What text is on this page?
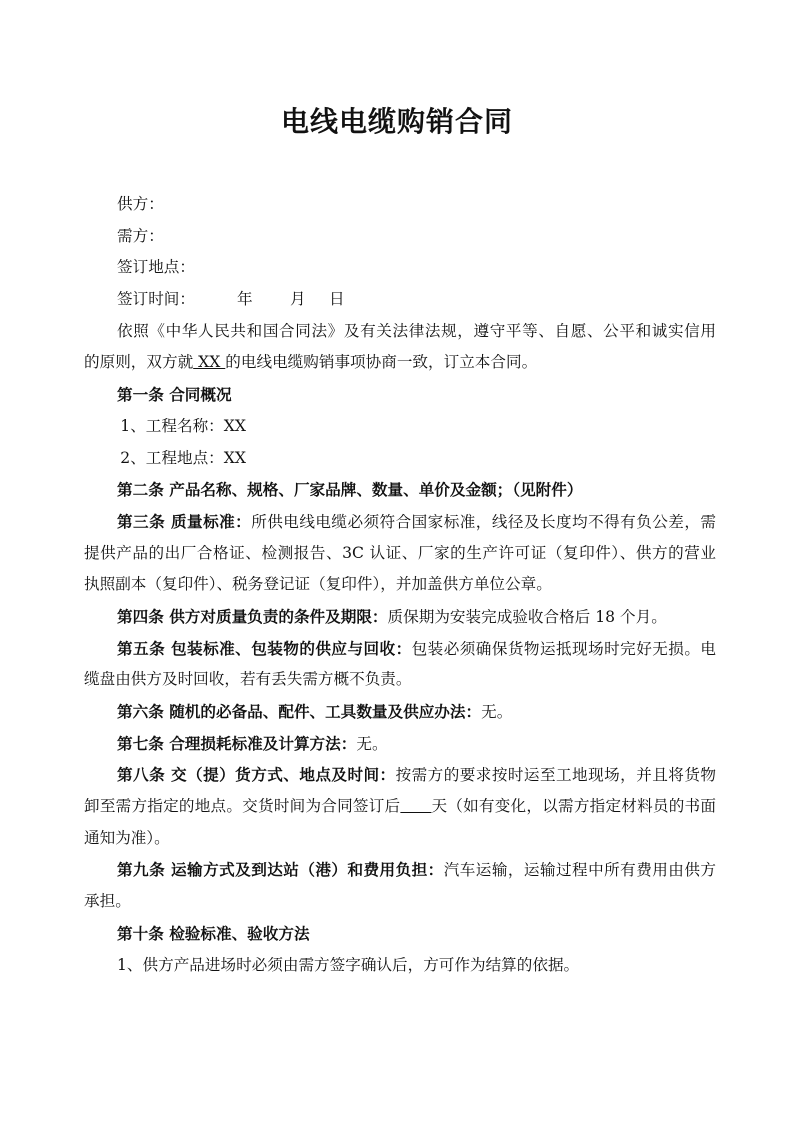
电线电缆购销合同
供方：
需方：
签订地点：
签订时间：	年 月 日
依照《中华人民共和国合同法》及有关法律法规，遵守平等、自愿、公平和诚实信用
的原则，双方就 XX 的电线电缆购销事项协商一致，订立本合同。
第一条 合同概况
1、工程名称：XX
2、工程地点：XX
第二条 产品名称、规格、厂家品牌、数量、单价及金额；（见附件）
第三条 质量标准：所供电线电缆必须符合国家标准，线径及长度均不得有负公差，需
提供产品的出厂合格证、检测报告、3C 认证、厂家的生产许可证（复印件）、供方的营业
执照副本（复印件）、税务登记证（复印件），并加盖供方单位公章。
第四条 供方对质量负责的条件及期限：质保期为安装完成验收合格后 18 个月。
第五条 包装标准、包装物的供应与回收：包装必须确保货物运抵现场时完好无损。电
缆盘由供方及时回收，若有丢失需方概不负责。
第六条 随机的必备品、配件、工具数量及供应办法：无。
第七条 合理损耗标准及计算方法：无。
第八条 交（提）货方式、地点及时间：按需方的要求按时运至工地现场，并且将货物
卸至需方指定的地点。交货时间为合同签订后 天（如有变化，以需方指定材料员的书面
通知为准）。
第九条 运输方式及到达站（港）和费用负担：汽车运输，运输过程中所有费用由供方
承担。
第十条 检验标准、验收方法
1、供方产品进场时必须由需方签字确认后，方可作为结算的依据。
